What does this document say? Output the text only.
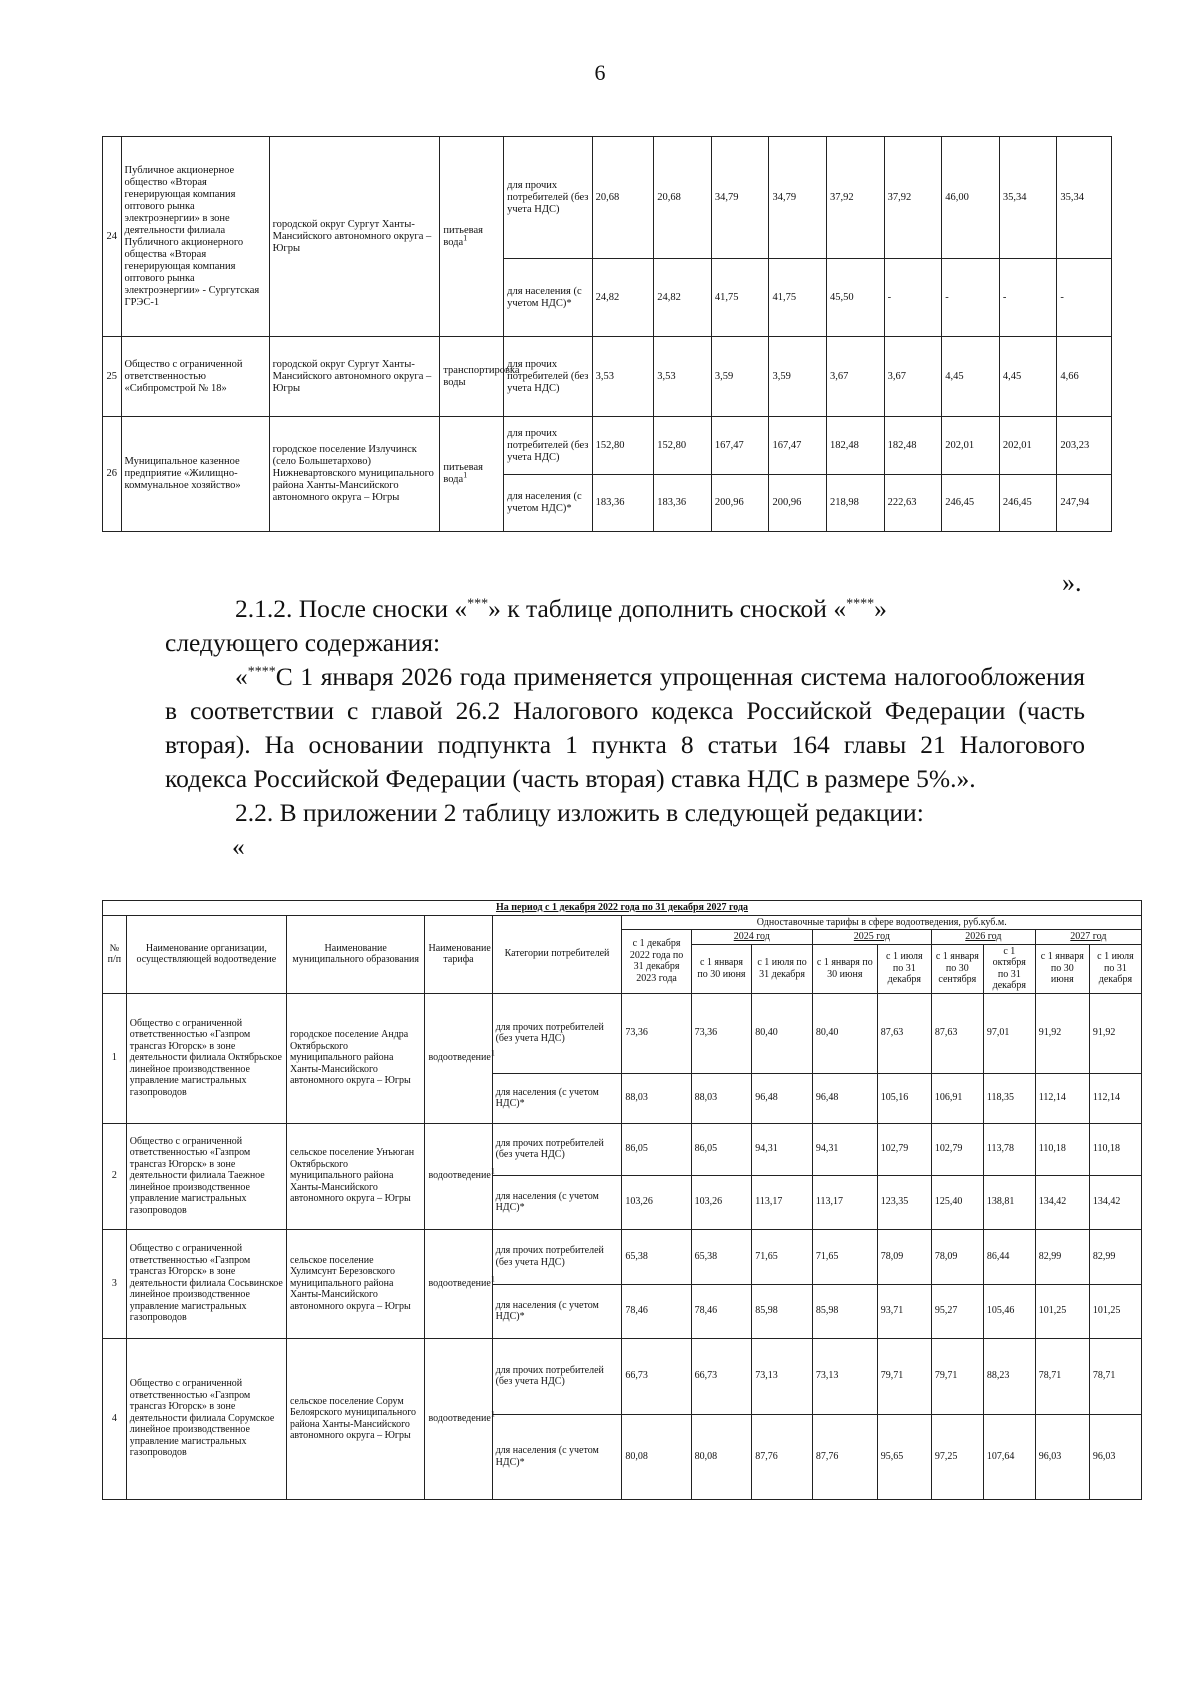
6
24	Публичное акционерное общество «Вторая генерирующая компания оптового рынка электроэнергии» в зоне деятельности филиала Публичного акционерного общества «Вторая генерирующая компания оптового рынка электроэнергии» - Сургутская ГРЭС-1	городской округ Сургут Ханты-Мансийского автономного округа – Югры	питьевая вода$^1$	для прочих потребителей (без учета НДС)	20,68	20,68	34,79	34,79	37,92	37,92	46,00	35,34	35,34
				для населения (с учетом НДС)*	24,82	24,82	41,75	41,75	45,50	-	-	-	-
25	Общество с ограниченной ответственностью «Сибпромстрой № 18»	городской округ Сургут Ханты-Мансийского автономного округа – Югры	транспортировка воды	для прочих потребителей (без учета НДС)	3,53	3,53	3,59	3,59	3,67	3,67	4,45	4,45	4,66
26	Муниципальное казенное предприятие «Жилищно-коммунальное хозяйство»	городское поселение Излучинск (село Большетархово) Нижневартовского муниципального района Ханты-Мансийского автономного округа – Югры	питьевая вода$^1$	для прочих потребителей (без учета НДС)	152,80	152,80	167,47	167,47	182,48	182,48	202,01	202,01	203,23
				для населения (с учетом НДС)*	183,36	183,36	200,96	200,96	218,98	222,63	246,45	246,45	247,94
».
2.1.2. После сноски «***» к таблице дополнить сноской «****»
следующего содержания:
«****С 1 января 2026 года применяется упрощенная система налогообложения в соответствии с главой 26.2 Налогового кодекса Российской Федерации (часть вторая). На основании подпункта 1 пункта 8 статьи 164 главы 21 Налогового кодекса Российской Федерации (часть вторая) ставка НДС в размере 5%.».
2.2. В приложении 2 таблицу изложить в следующей редакции:
«
На период с 1 декабря 2022 года по 31 декабря 2027 года													
№ п/п	Наименование организации, осуществляющей водоотведение	Наименование муниципального образования	Наименование тарифа	Категории потребителей	Одноставочные тарифы в сфере водоотведения, руб.куб.м.								
					с 1 декабря 2022 года по 31 декабря 2023 года	2024 год		2025 год		2026 год		2027 год	
						с 1 января по 30 июня	с 1 июля по 31 декабря	с 1 января по 30 июня	с 1 июля по 31 декабря	с 1 января по 30 сентября	с 1 октября по 31 декабря	с 1 января по 30 июня	с 1 июля по 31 декабря
1	Общество с ограниченной ответственностью «Газпром трансгаз Югорск» в зоне деятельности филиала Октябрьское линейное производственное управление магистральных газопроводов	городское поселение Андра Октябрьского муниципального района Ханты-Мансийского автономного округа – Югры	водоотведение$^1$	для прочих потребителей (без учета НДС)	73,36	73,36	80,40	80,40	87,63	87,63	97,01	91,92	91,92
				для населения (с учетом НДС)*	88,03	88,03	96,48	96,48	105,16	106,91	118,35	112,14	112,14
2	Общество с ограниченной ответственностью «Газпром трансгаз Югорск» в зоне деятельности филиала Таежное линейное производственное управление магистральных газопроводов	сельское поселение Унъюган Октябрьского муниципального района Ханты-Мансийского автономного округа – Югры	водоотведение$^1$	для прочих потребителей (без учета НДС)	86,05	86,05	94,31	94,31	102,79	102,79	113,78	110,18	110,18
				для населения (с учетом НДС)*	103,26	103,26	113,17	113,17	123,35	125,40	138,81	134,42	134,42
3	Общество с ограниченной ответственностью «Газпром трансгаз Югорск» в зоне деятельности филиала Сосьвинское линейное производственное управление магистральных газопроводов	сельское поселение Хулимсунт Березовского муниципального района Ханты-Мансийского автономного округа – Югры	водоотведение$^1$	для прочих потребителей (без учета НДС)	65,38	65,38	71,65	71,65	78,09	78,09	86,44	82,99	82,99
				для населения (с учетом НДС)*	78,46	78,46	85,98	85,98	93,71	95,27	105,46	101,25	101,25
4	Общество с ограниченной ответственностью «Газпром трансгаз Югорск» в зоне деятельности филиала Сорумское линейное производственное управление магистральных газопроводов	сельское поселение Сорум Белоярского муниципального района Ханты-Мансийского автономного округа – Югры	водоотведение$^1$	для прочих потребителей (без учета НДС)	66,73	66,73	73,13	73,13	79,71	79,71	88,23	78,71	78,71
				для населения (с учетом НДС)*	80,08	80,08	87,76	87,76	95,65	97,25	107,64	96,03	96,03
